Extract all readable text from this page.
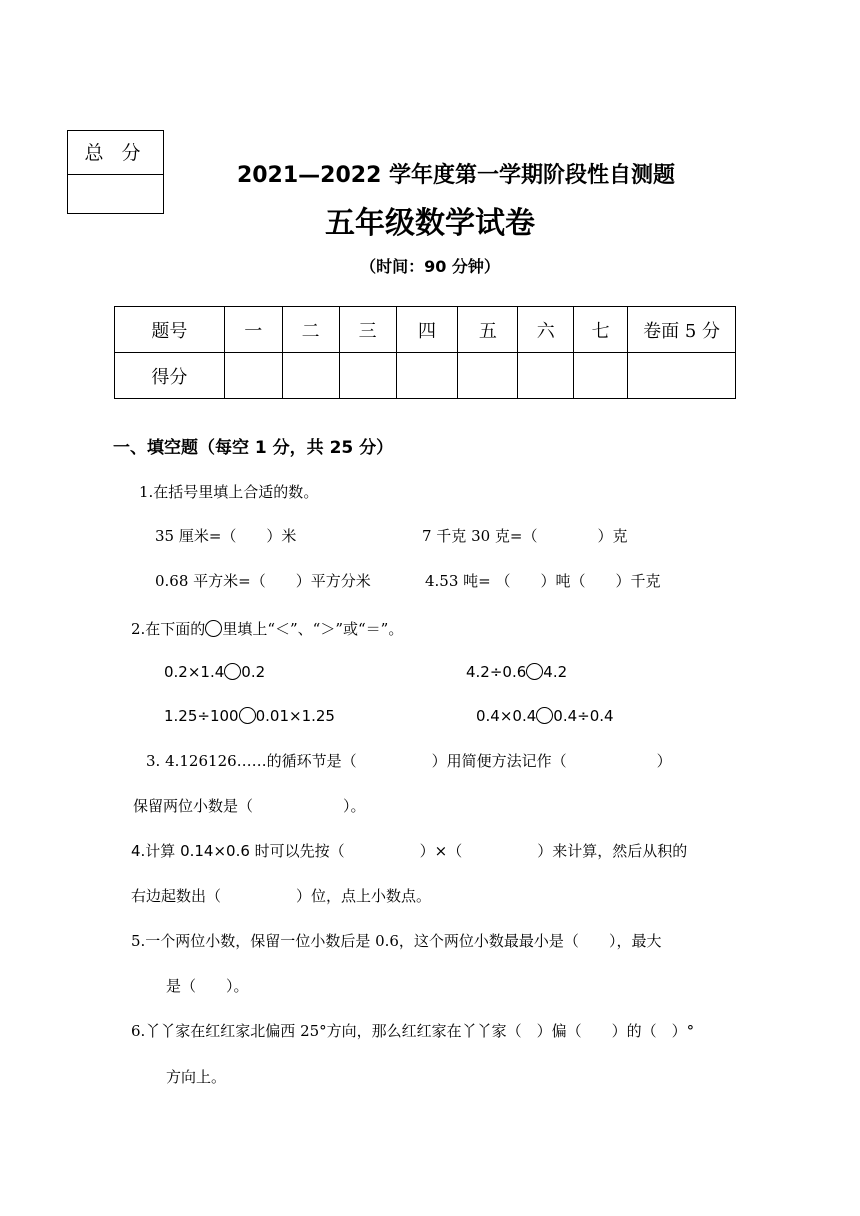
总 分
2021—2022 学年度第一学期阶段性自测题
五年级数学试卷
（时间：90 分钟）
题号	一	二	三	四	五	六	七	卷面 5 分
得分								
一、填空题（每空 1 分，共 25 分）
1.在括号里填上合适的数。
35 厘米=（　　）米	7 千克 30 克=（　　　　）克
0.68 平方米=（　　）平方分米	4.53 吨= （　　）吨（　　）千克
2.在下面的 里填上“＜”、“＞”或“＝”。
0.2×1.4 0.2	4.2÷0.6 4.2
1.25÷100 0.01×1.25	0.4×0.4 0.4÷0.4
3. 4.126126……的循环节是（　　　　　）用简便方法记作（　　　　　　）
保留两位小数是（　　　　　　）。
4.计算 0.14×0.6 时可以先按（　　　　　）×（　　　　　）来计算，然后从积的
右边起数出（　　　　　）位，点上小数点。
5.一个两位小数，保留一位小数后是 0.6，这个两位小数最最小是（　　），最大
是（　　）。
6.丫丫家在红红家北偏西 25°方向，那么红红家在丫丫家（　）偏（　　）的（　）°
方向上。
